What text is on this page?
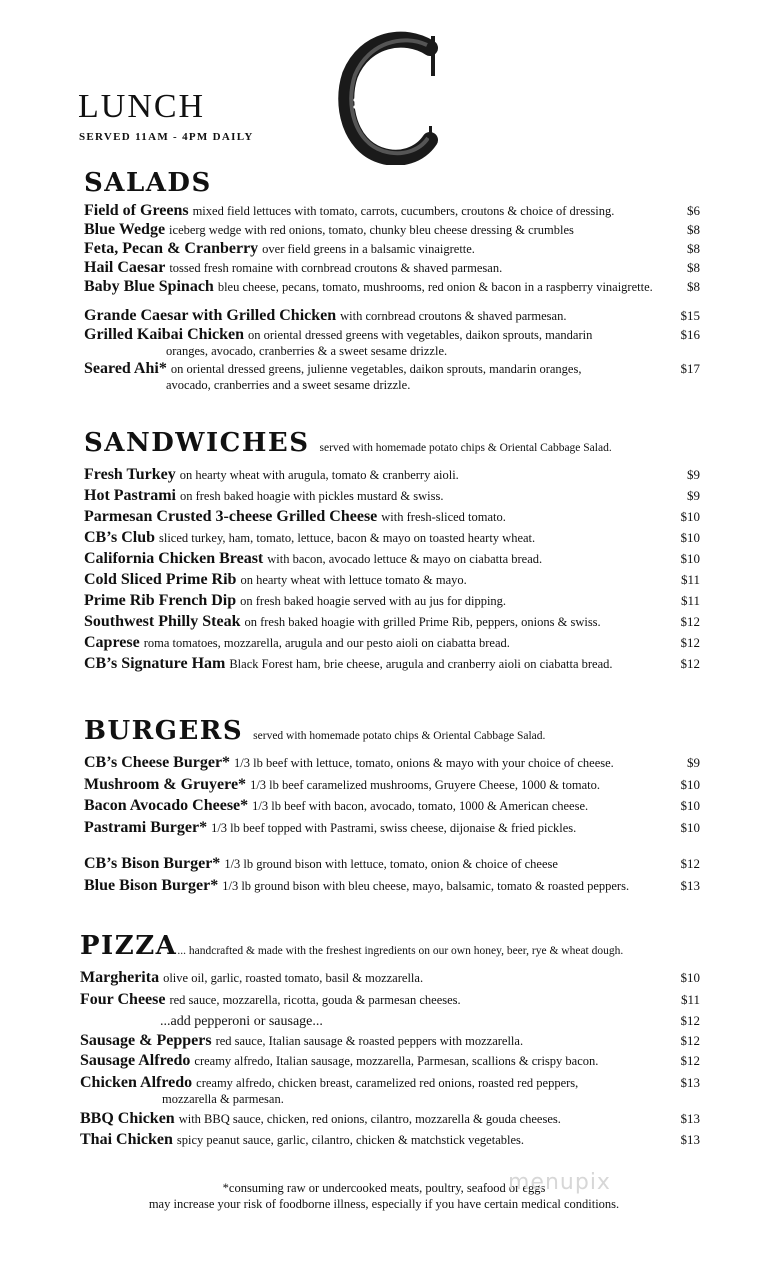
LUNCH
SERVED 11AM - 4PM DAILY
SALADS
Field of Greens mixed field lettuces with tomato, carrots, cucumbers, croutons & choice of dressing.	$6
Blue Wedge iceberg wedge with red onions, tomato, chunky bleu cheese dressing & crumbles	$8
Feta, Pecan & Cranberry over field greens in a balsamic vinaigrette.	$8
Hail Caesar tossed fresh romaine with cornbread croutons & shaved parmesan.	$8
Baby Blue Spinach bleu cheese, pecans, tomato, mushrooms, red onion & bacon in a raspberry vinaigrette.	$8
Grande Caesar with Grilled Chicken with cornbread croutons & shaved parmesan.	$15
Grilled Kaibai Chicken on oriental dressed greens with vegetables, daikon sprouts, mandarin	$16
oranges, avocado, cranberries & a sweet sesame drizzle.
Seared Ahi* on oriental dressed greens, julienne vegetables, daikon sprouts, mandarin oranges,	$17
avocado, cranberries and a sweet sesame drizzle.
SANDWICHES served with homemade potato chips & Oriental Cabbage Salad.
Fresh Turkey on hearty wheat with arugula, tomato & cranberry aioli.	$9
Hot Pastrami on fresh baked hoagie with pickles mustard & swiss.	$9
Parmesan Crusted 3-cheese Grilled Cheese with fresh-sliced tomato.	$10
CB’s Club sliced turkey, ham, tomato, lettuce, bacon & mayo on toasted hearty wheat.	$10
California Chicken Breast with bacon, avocado lettuce & mayo on ciabatta bread.	$10
Cold Sliced Prime Rib on hearty wheat with lettuce tomato & mayo.	$11
Prime Rib French Dip on fresh baked hoagie served with au jus for dipping.	$11
Southwest Philly Steak on fresh baked hoagie with grilled Prime Rib, peppers, onions & swiss.	$12
Caprese roma tomatoes, mozzarella, arugula and our pesto aioli on ciabatta bread.	$12
CB’s Signature Ham Black Forest ham, brie cheese, arugula and cranberry aioli on ciabatta bread.	$12
BURGERS served with homemade potato chips & Oriental Cabbage Salad.
CB’s Cheese Burger* 1/3 lb beef with lettuce, tomato, onions & mayo with your choice of cheese.	$9
Mushroom & Gruyere* 1/3 lb beef caramelized mushrooms, Gruyere Cheese, 1000 & tomato.	$10
Bacon Avocado Cheese* 1/3 lb beef with bacon, avocado, tomato, 1000 & American cheese.	$10
Pastrami Burger* 1/3 lb beef topped with Pastrami, swiss cheese, dijonaise & fried pickles.	$10
CB’s Bison Burger* 1/3 lb ground bison with lettuce, tomato, onion & choice of cheese	$12
Blue Bison Burger* 1/3 lb ground bison with bleu cheese, mayo, balsamic, tomato & roasted peppers.	$13
PIZZA... handcrafted & made with the freshest ingredients on our own honey, beer, rye & wheat dough.
Margherita olive oil, garlic, roasted tomato, basil & mozzarella.	$10
Four Cheese red sauce, mozzarella, ricotta, gouda & parmesan cheeses.	$11
...add pepperoni or sausage...	$12
Sausage & Peppers red sauce, Italian sausage & roasted peppers with mozzarella.	$12
Sausage Alfredo creamy alfredo, Italian sausage, mozzarella, Parmesan, scallions & crispy bacon.	$12
Chicken Alfredo creamy alfredo, chicken breast, caramelized red onions, roasted red peppers,	$13
mozzarella & parmesan.
BBQ Chicken with BBQ sauce, chicken, red onions, cilantro, mozzarella & gouda cheeses.	$13
Thai Chicken spicy peanut sauce, garlic, cilantro, chicken & matchstick vegetables.	$13
*consuming raw or undercooked meats, poultry, seafood or eggs
may increase your risk of foodborne illness, especially if you have certain medical conditions.
menupix
